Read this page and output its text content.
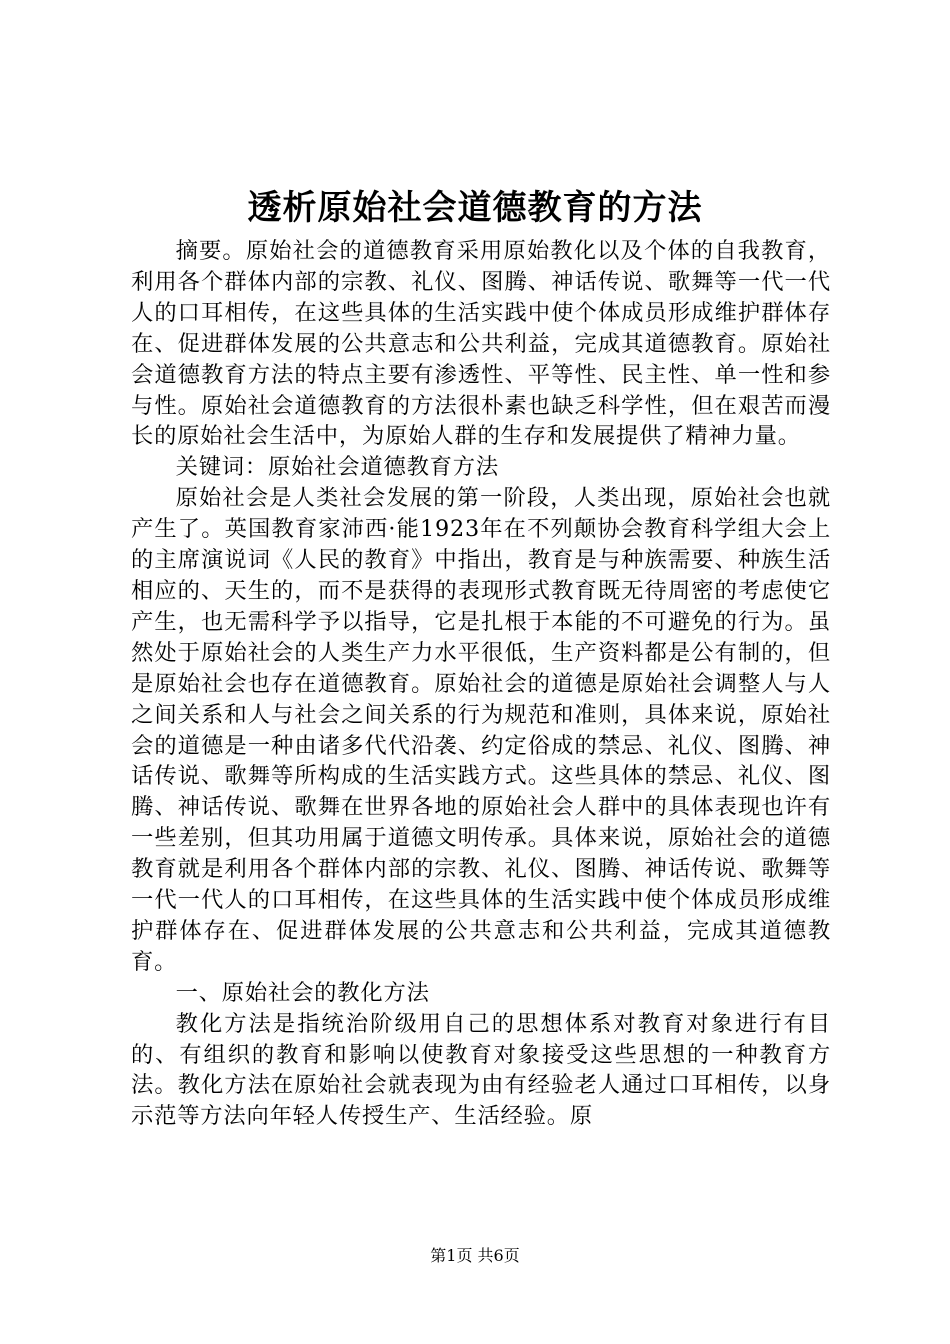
透析原始社会道德教育的方法

摘要。原始社会的道德教育采用原始教化以及个体的自我教育，利用各个群体内部的宗教、礼仪、图腾、神话传说、歌舞等一代一代人的口耳相传，在这些具体的生活实践中使个体成员形成维护群体存在、促进群体发展的公共意志和公共利益，完成其道德教育。原始社会道德教育方法的特点主要有渗透性、平等性、民主性、单一性和参与性。原始社会道德教育的方法很朴素也缺乏科学性，但在艰苦而漫长的原始社会生活中，为原始人群的生存和发展提供了精神力量。

关键词：原始社会道德教育方法

原始社会是人类社会发展的第一阶段，人类出现，原始社会也就产生了。英国教育家沛西·能1923年在不列颠协会教育科学组大会上的主席演说词《人民的教育》中指出，教育是与种族需要、种族生活相应的、天生的，而不是获得的表现形式教育既无待周密的考虑使它产生，也无需科学予以指导，它是扎根于本能的不可避免的行为。虽然处于原始社会的人类生产力水平很低，生产资料都是公有制的，但是原始社会也存在道德教育。原始社会的道德是原始社会调整人与人之间关系和人与社会之间关系的行为规范和准则，具体来说，原始社会的道德是一种由诸多代代沿袭、约定俗成的禁忌、礼仪、图腾、神话传说、歌舞等所构成的生活实践方式。这些具体的禁忌、礼仪、图腾、神话传说、歌舞在世界各地的原始社会人群中的具体表现也许有一些差别，但其功用属于道德文明传承。具体来说，原始社会的道德教育就是利用各个群体内部的宗教、礼仪、图腾、神话传说、歌舞等一代一代人的口耳相传，在这些具体的生活实践中使个体成员形成维护群体存在、促进群体发展的公共意志和公共利益，完成其道德教育。

一、原始社会的教化方法

教化方法是指统治阶级用自己的思想体系对教育对象进行有目的、有组织的教育和影响以使教育对象接受这些思想的一种教育方法。教化方法在原始社会就表现为由有经验老人通过口耳相传，以身示范等方法向年轻人传授生产、生活经验。原

第1页 共6页
